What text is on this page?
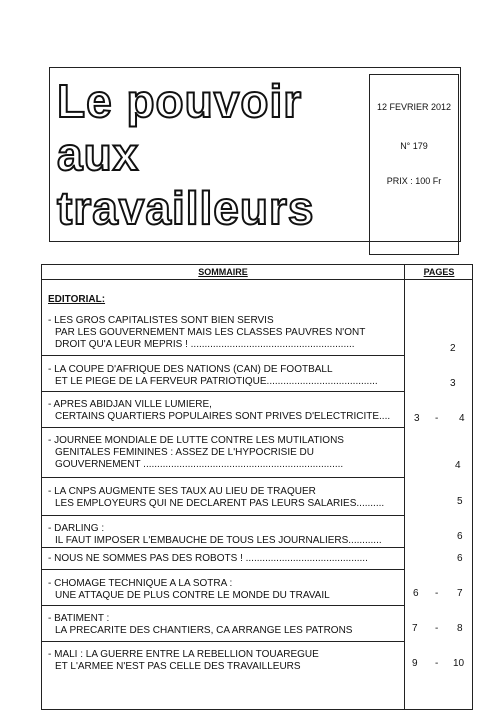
Le pouvoir
aux
travailleurs
12 FEVRIER 2012
N° 179
PRIX : 100 Fr
SOMMAIRE	PAGES
EDITORIAL:
- LES GROS CAPITALISTES SONT BIEN SERVIS
PAR LES GOUVERNEMENT MAIS LES CLASSES PAUVRES N'ONT
DROIT QU'A LEUR MEPRIS ! ...........................................................	2
- LA COUPE D'AFRIQUE DES NATIONS (CAN) DE FOOTBALL
ET LE PIEGE DE LA FERVEUR PATRIOTIQUE........................................	3
- APRES ABIDJAN VILLE LUMIERE,
CERTAINS QUARTIERS POPULAIRES SONT PRIVES D'ELECTRICITE....	3 - 4
- JOURNEE MONDIALE DE LUTTE CONTRE LES MUTILATIONS
GENITALES FEMININES : ASSEZ DE L'HYPOCRISIE DU
GOUVERNEMENT ........................................................................	4
- LA CNPS AUGMENTE SES TAUX AU LIEU DE TRAQUER
LES EMPLOYEURS QUI NE DECLARENT PAS LEURS SALARIES..........	5
- DARLING :
IL FAUT IMPOSER L'EMBAUCHE DE TOUS LES JOURNALIERS............	6
- NOUS NE SOMMES PAS DES ROBOTS ! ............................................	6
- CHOMAGE TECHNIQUE A LA SOTRA :
UNE ATTAQUE DE PLUS CONTRE LE MONDE DU TRAVAIL	6 - 7
- BATIMENT :
LA PRECARITE DES CHANTIERS, CA ARRANGE LES PATRONS	7 - 8
- MALI : LA GUERRE ENTRE LA REBELLION TOUAREGUE
ET L'ARMEE N'EST PAS CELLE DES TRAVAILLEURS	9 - 10
